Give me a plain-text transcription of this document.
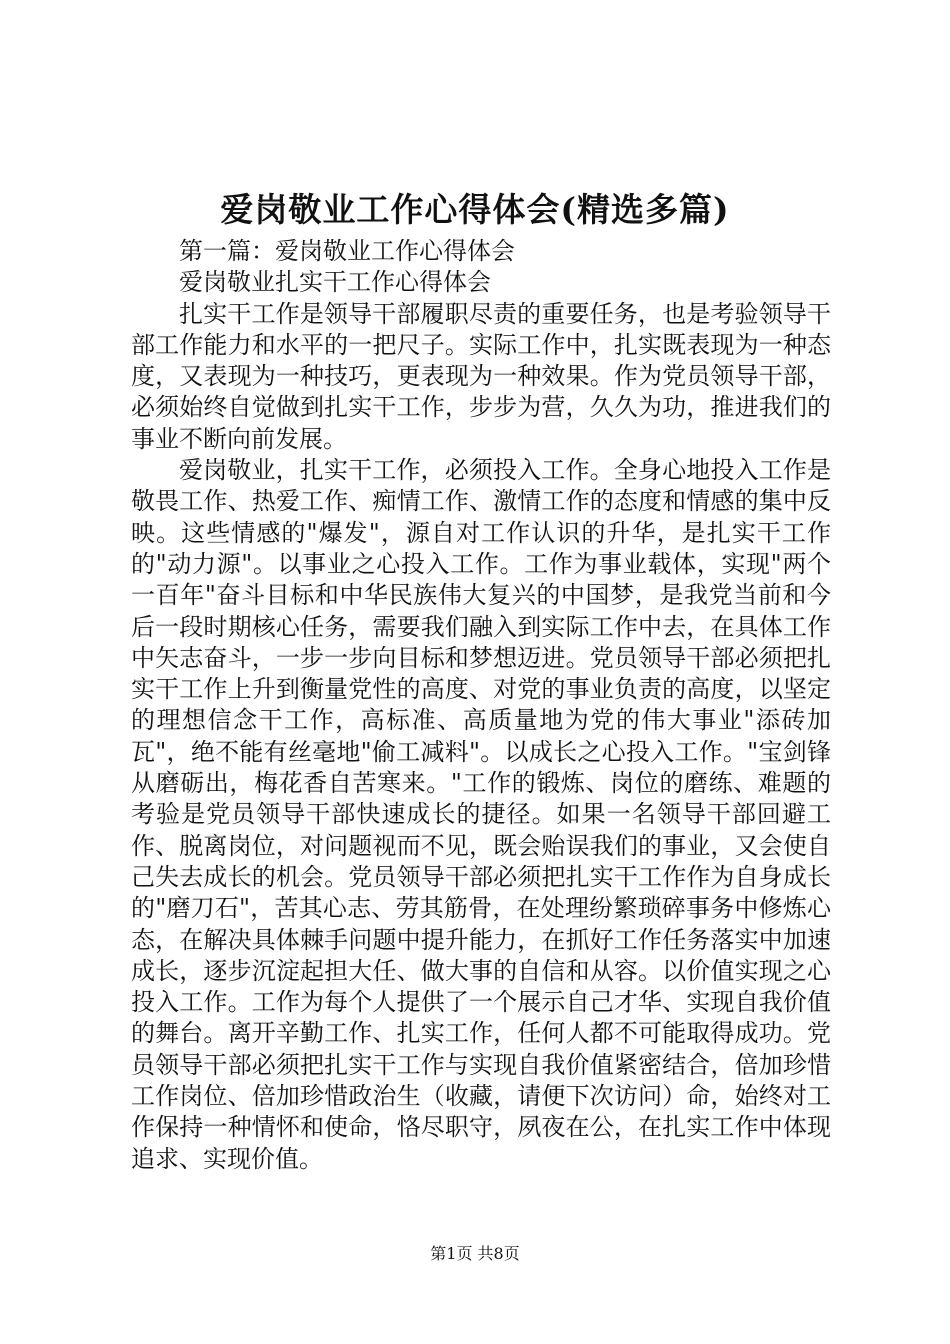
爱岗敬业工作心得体会(精选多篇)

第一篇：爱岗敬业工作心得体会

爱岗敬业扎实干工作心得体会

扎实干工作是领导干部履职尽责的重要任务，也是考验领导干部工作能力和水平的一把尺子。实际工作中，扎实既表现为一种态度，又表现为一种技巧，更表现为一种效果。作为党员领导干部，必须始终自觉做到扎实干工作，步步为营，久久为功，推进我们的事业不断向前发展。

爱岗敬业，扎实干工作，必须投入工作。全身心地投入工作是敬畏工作、热爱工作、痴情工作、激情工作的态度和情感的集中反映。这些情感的"爆发"，源自对工作认识的升华，是扎实干工作的"动力源"。以事业之心投入工作。工作为事业载体，实现"两个一百年"奋斗目标和中华民族伟大复兴的中国梦，是我党当前和今后一段时期核心任务，需要我们融入到实际工作中去，在具体工作中矢志奋斗，一步一步向目标和梦想迈进。党员领导干部必须把扎实干工作上升到衡量党性的高度、对党的事业负责的高度，以坚定的理想信念干工作，高标准、高质量地为党的伟大事业"添砖加瓦"，绝不能有丝毫地"偷工减料"。以成长之心投入工作。"宝剑锋从磨砺出，梅花香自苦寒来。"工作的锻炼、岗位的磨练、难题的考验是党员领导干部快速成长的捷径。如果一名领导干部回避工作、脱离岗位，对问题视而不见，既会贻误我们的事业，又会使自己失去成长的机会。党员领导干部必须把扎实干工作作为自身成长的"磨刀石"，苦其心志、劳其筋骨，在处理纷繁琐碎事务中修炼心态，在解决具体棘手问题中提升能力，在抓好工作任务落实中加速成长，逐步沉淀起担大任、做大事的自信和从容。以价值实现之心投入工作。工作为每个人提供了一个展示自己才华、实现自我价值的舞台。离开辛勤工作、扎实工作，任何人都不可能取得成功。党员领导干部必须把扎实干工作与实现自我价值紧密结合，倍加珍惜工作岗位、倍加珍惜政治生（收藏，请便下次访问）命，始终对工作保持一种情怀和使命，恪尽职守，夙夜在公，在扎实工作中体现追求、实现价值。

第1页 共8页
